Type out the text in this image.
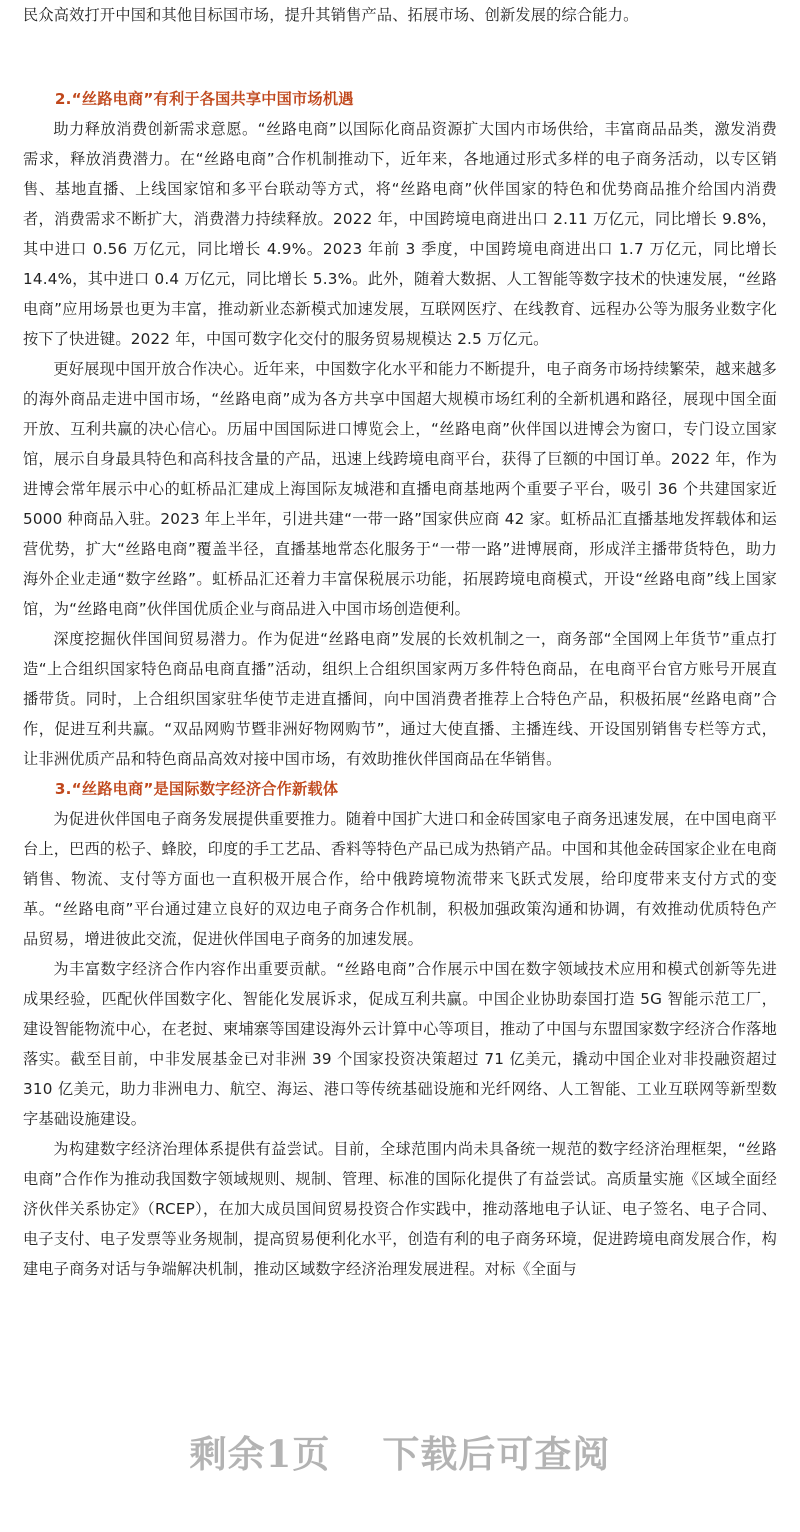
民众高效打开中国和其他目标国市场，提升其销售产品、拓展市场、创新发展的综合能力。

2.“丝路电商”有利于各国共享中国市场机遇

助力释放消费创新需求意愿。“丝路电商”以国际化商品资源扩大国内市场供给，丰富商品品类，激发消费需求，释放消费潜力。在“丝路电商”合作机制推动下，近年来，各地通过形式多样的电子商务活动，以专区销售、基地直播、上线国家馆和多平台联动等方式，将“丝路电商”伙伴国家的特色和优势商品推介给国内消费者，消费需求不断扩大，消费潜力持续释放。2022 年，中国跨境电商进出口 2.11 万亿元，同比增长 9.8%，其中进口 0.56 万亿元，同比增长 4.9%。2023 年前 3 季度，中国跨境电商进出口 1.7 万亿元，同比增长 14.4%，其中进口 0.4 万亿元，同比增长 5.3%。此外，随着大数据、人工智能等数字技术的快速发展，“丝路电商”应用场景也更为丰富，推动新业态新模式加速发展，互联网医疗、在线教育、远程办公等为服务业数字化按下了快进键。2022 年，中国可数字化交付的服务贸易规模达 2.5 万亿元。

更好展现中国开放合作决心。近年来，中国数字化水平和能力不断提升，电子商务市场持续繁荣，越来越多的海外商品走进中国市场，“丝路电商”成为各方共享中国超大规模市场红利的全新机遇和路径，展现中国全面开放、互利共赢的决心信心。历届中国国际进口博览会上，“丝路电商”伙伴国以进博会为窗口，专门设立国家馆，展示自身最具特色和高科技含量的产品，迅速上线跨境电商平台，获得了巨额的中国订单。2022 年，作为进博会常年展示中心的虹桥品汇建成上海国际友城港和直播电商基地两个重要子平台，吸引 36 个共建国家近 5000 种商品入驻。2023 年上半年，引进共建“一带一路”国家供应商 42 家。虹桥品汇直播基地发挥载体和运营优势，扩大“丝路电商”覆盖半径，直播基地常态化服务于“一带一路”进博展商，形成洋主播带货特色，助力海外企业走通“数字丝路”。虹桥品汇还着力丰富保税展示功能，拓展跨境电商模式，开设“丝路电商”线上国家馆，为“丝路电商”伙伴国优质企业与商品进入中国市场创造便利。

深度挖掘伙伴国间贸易潜力。作为促进“丝路电商”发展的长效机制之一，商务部“全国网上年货节”重点打造“上合组织国家特色商品电商直播”活动，组织上合组织国家两万多件特色商品，在电商平台官方账号开展直播带货。同时，上合组织国家驻华使节走进直播间，向中国消费者推荐上合特色产品，积极拓展“丝路电商”合作，促进互利共赢。“双品网购节暨非洲好物网购节”，通过大使直播、主播连线、开设国别销售专栏等方式，让非洲优质产品和特色商品高效对接中国市场，有效助推伙伴国商品在华销售。

3.“丝路电商”是国际数字经济合作新载体

为促进伙伴国电子商务发展提供重要推力。随着中国扩大进口和金砖国家电子商务迅速发展，在中国电商平台上，巴西的松子、蜂胶，印度的手工艺品、香料等特色产品已成为热销产品。中国和其他金砖国家企业在电商销售、物流、支付等方面也一直积极开展合作，给中俄跨境物流带来飞跃式发展，给印度带来支付方式的变革。“丝路电商”平台通过建立良好的双边电子商务合作机制，积极加强政策沟通和协调，有效推动优质特色产品贸易，增进彼此交流，促进伙伴国电子商务的加速发展。

为丰富数字经济合作内容作出重要贡献。“丝路电商”合作展示中国在数字领域技术应用和模式创新等先进成果经验，匹配伙伴国数字化、智能化发展诉求，促成互利共赢。中国企业协助泰国打造 5G 智能示范工厂，建设智能物流中心，在老挝、柬埔寨等国建设海外云计算中心等项目，推动了中国与东盟国家数字经济合作落地落实。截至目前，中非发展基金已对非洲 39 个国家投资决策超过 71 亿美元，撬动中国企业对非投融资超过 310 亿美元，助力非洲电力、航空、海运、港口等传统基础设施和光纤网络、人工智能、工业互联网等新型数字基础设施建设。

为构建数字经济治理体系提供有益尝试。目前，全球范围内尚未具备统一规范的数字经济治理框架，“丝路电商”合作作为推动我国数字领域规则、规制、管理、标准的国际化提供了有益尝试。高质量实施《区域全面经济伙伴关系协定》（RCEP），在加大成员国间贸易投资合作实践中，推动落地电子认证、电子签名、电子合同、电子支付、电子发票等业务规制，提高贸易便利化水平，创造有利的电子商务环境，促进跨境电商发展合作，构建电子商务对话与争端解决机制，推动区域数字经济治理发展进程。对标《全面与

剩余1页 下载后可查阅
